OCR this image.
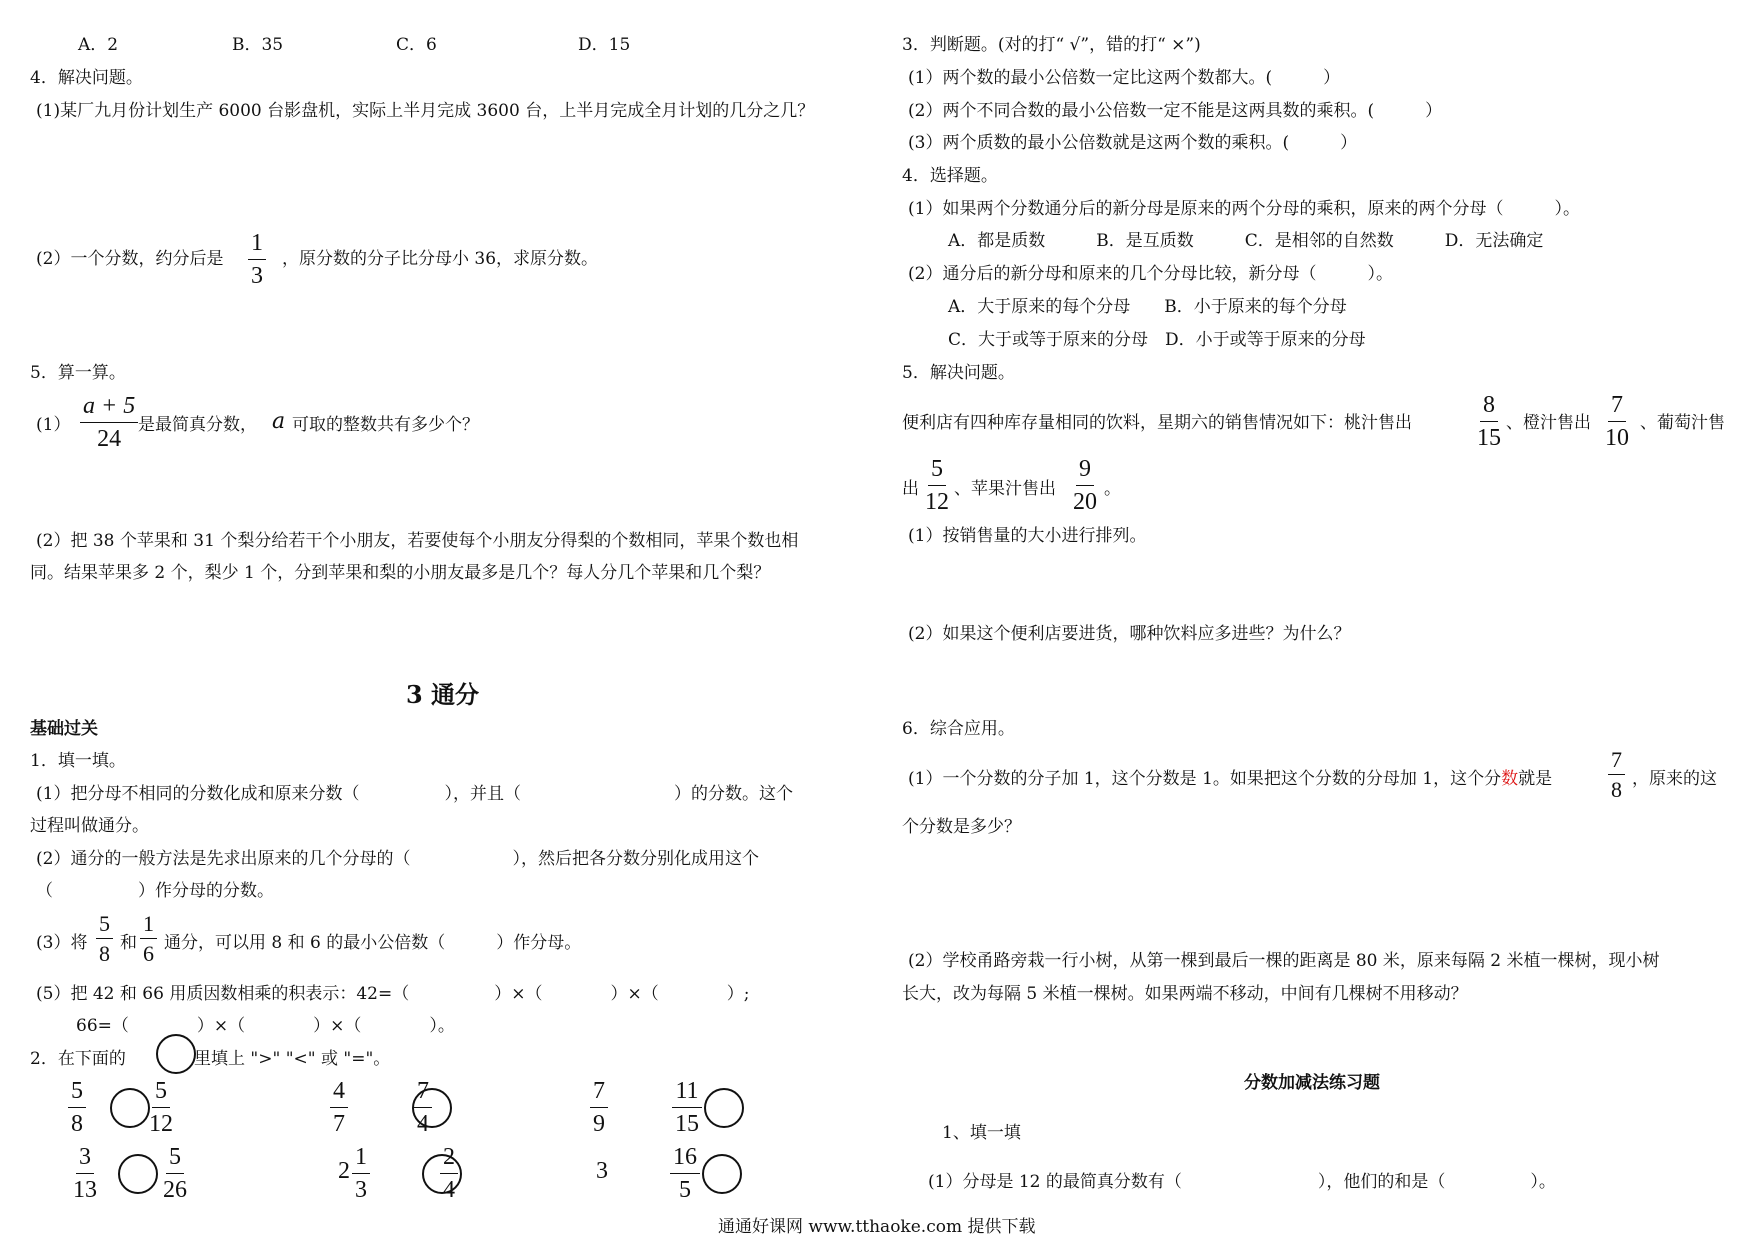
A．2	B．35	C．6	D．15
4．解决问题。
(1)某厂九月份计划生产 6000 台影盘机，实际上半月完成 3600 台，上半月完成全月计划的几分之几？
(2）一个分数，约分后是 $\frac{1}{3}$ ，原分数的分子比分母小 36，求原分数。
5．算一算。
$(1) \frac{a + 5}{24}$ 是最简真分数， a 可取的整数共有多少个？
(2）把 38 个苹果和 31 个梨分给若干个小朋友，若要使每个小朋友分得梨的个数相同，苹果个数也相
同。结果苹果多 2 个，梨少 1 个，分到苹果和梨的小朋友最多是几个？每人分几个苹果和几个梨？
3 通分
基础过关
1．填一填。
(1）把分母不相同的分数化成和原来分数（　　　　　），并且（　　　　　　　　　）的分数。这个
过程叫做通分。
(2）通分的一般方法是先求出原来的几个分母的（　　　　　　），然后把各分数分别化成用这个
（　　　　　）作分母的分数。
(3）将 $\frac{5}{8}$ 和 $\frac{1}{6}$ 通分，可以用 8 和 6 的最小公倍数（　　　）作分母。
(5）把 42 和 66 用质因数相乘的积表示：42=（　　　　　）×（　　　　）×（　　　　）;
66=（　　　　）×（　　　　）×（　　　　）。
2．在下面的	里填上 ">" "<" 或 "="。
$\frac{5}{8}$	$\frac{5}{12}$	$\frac{4}{7}$	$\frac{7}{4}$	$\frac{7}{9}$	$\frac{11}{15}$
$\frac{3}{13}$	$\frac{5}{26}$	$2 \frac{1}{3}$	$\frac{2}{4}$	3	$\frac{16}{5}$
3．判断题。(对的打“ √”，错的打“ ×”)
(1）两个数的最小公倍数一定比这两个数都大。(　　　）
(2）两个不同合数的最小公倍数一定不能是这两具数的乘积。(　　　）
(3）两个质数的最小公倍数就是这两个数的乘积。(　　　）
4．选择题。
(1）如果两个分数通分后的新分母是原来的两个分母的乘积，原来的两个分母（　　　）。
A．都是质数　　　B．是互质数　　　C．是相邻的自然数　　　D．无法确定
(2）通分后的新分母和原来的几个分母比较，新分母（　　　）。
A．大于原来的每个分母　　B．小于原来的每个分母
C．大于或等于原来的分母　D．小于或等于原来的分母
5．解决问题。
便利店有四种库存量相同的饮料，星期六的销售情况如下：桃汁售出	$\frac{8}{15}$ 、橙汁售出 $\frac{7}{10}$ 、葡萄汁售
出 $\frac{5}{12}$ 、苹果汁售出 $\frac{9}{20}$ 。
(1）按销售量的大小进行排列。
(2）如果这个便利店要进货，哪种饮料应多进些？为什么？
6．综合应用。
(1）一个分数的分子加 1，这个分数是 1。如果把这个分数的分母加 1，这个分数就是	$\frac{7}{8}$ ，原来的这
个分数是多少？
(2）学校甬路旁栽一行小树，从第一棵到最后一棵的距离是 80 米，原来每隔 2 米植一棵树，现小树
长大，改为每隔 5 米植一棵树。如果两端不移动，中间有几棵树不用移动？
分数加减法练习题
1、填一填
(1）分母是 12 的最简真分数有（　　　　　　　　），他们的和是（　　　　　）。
通通好课网 www.tthaoke.com 提供下载
